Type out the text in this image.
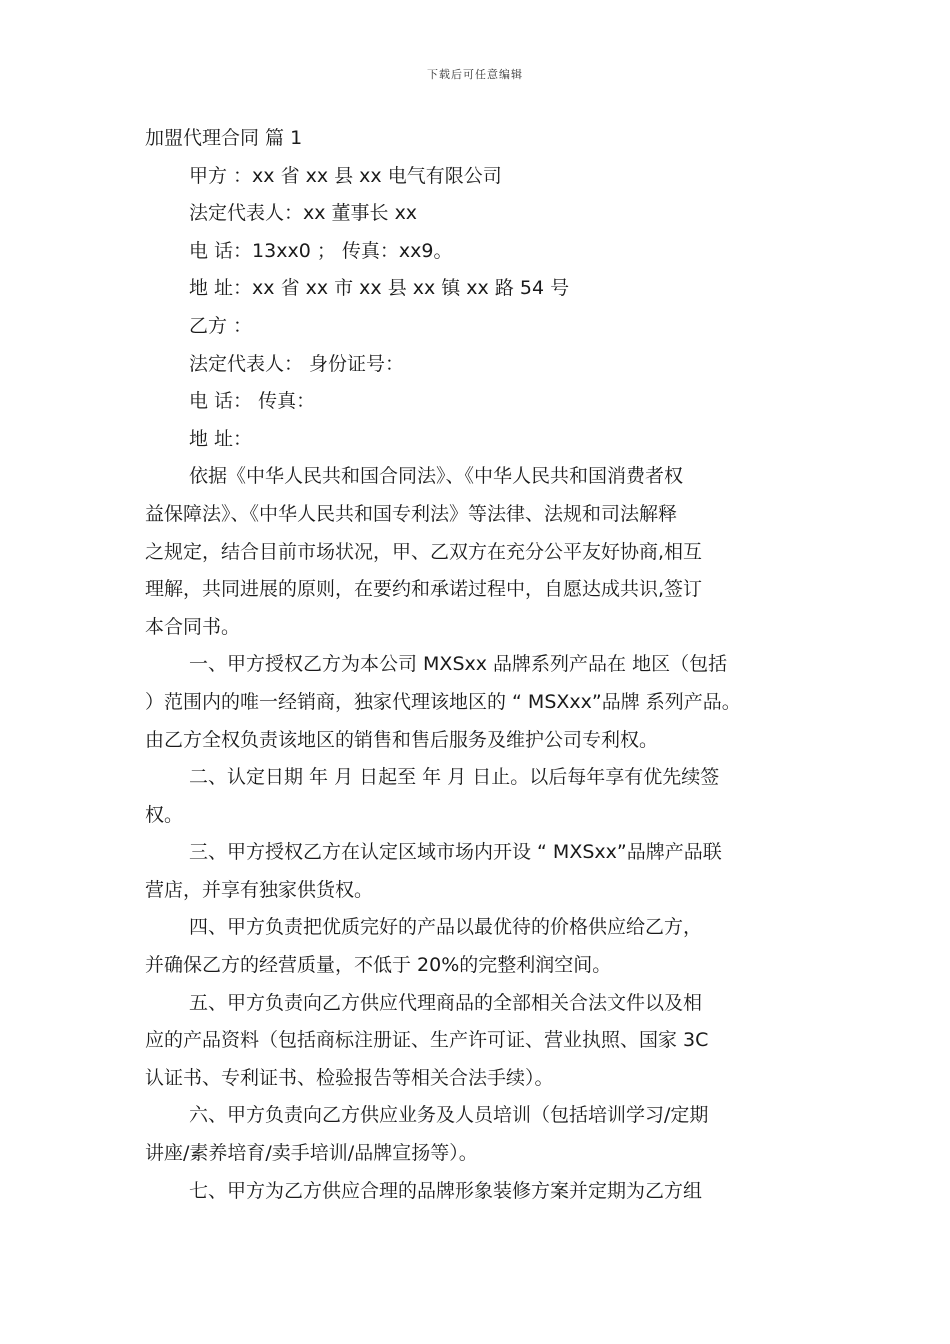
下载后可任意编辑
加盟代理合同 篇 1
甲方 ：xx 省 xx 县 xx 电气有限公司
法定代表人：xx 董事长 xx
电 话：13xx0 ； 传真：xx9。
地 址：xx 省 xx 市 xx 县 xx 镇 xx 路 54 号
乙方 ：
法定代表人： 身份证号：
电 话： 传真：
地 址：
依据《中华人民共和国合同法》、《中华人民共和国消费者权
益保障法》、《中华人民共和国专利法》等法律、法规和司法解释
之规定，结合目前市场状况，甲、乙双方在充分公平友好协商,相互
理解，共同进展的原则，在要约和承诺过程中，自愿达成共识,签订
本合同书。
一、甲方授权乙方为本公司 MXSxx 品牌系列产品在 地区（包括
）范围内的唯一经销商，独家代理该地区的 “ MSXxx”品牌 系列产品。
由乙方全权负责该地区的销售和售后服务及维护公司专利权。
二、认定日期 年 月 日起至 年 月 日止。以后每年享有优先续签
权。
三、甲方授权乙方在认定区域市场内开设 “ MXSxx”品牌产品联
营店，并享有独家供货权。
四、甲方负责把优质完好的产品以最优待的价格供应给乙方，
并确保乙方的经营质量，不低于 20%的完整利润空间。
五、甲方负责向乙方供应代理商品的全部相关合法文件以及相
应的产品资料（包括商标注册证、生产许可证、营业执照、国家 3C
认证书、专利证书、检验报告等相关合法手续）。
六、甲方负责向乙方供应业务及人员培训（包括培训学习/定期
讲座/素养培育/卖手培训/品牌宣扬等）。
七、甲方为乙方供应合理的品牌形象装修方案并定期为乙方组
